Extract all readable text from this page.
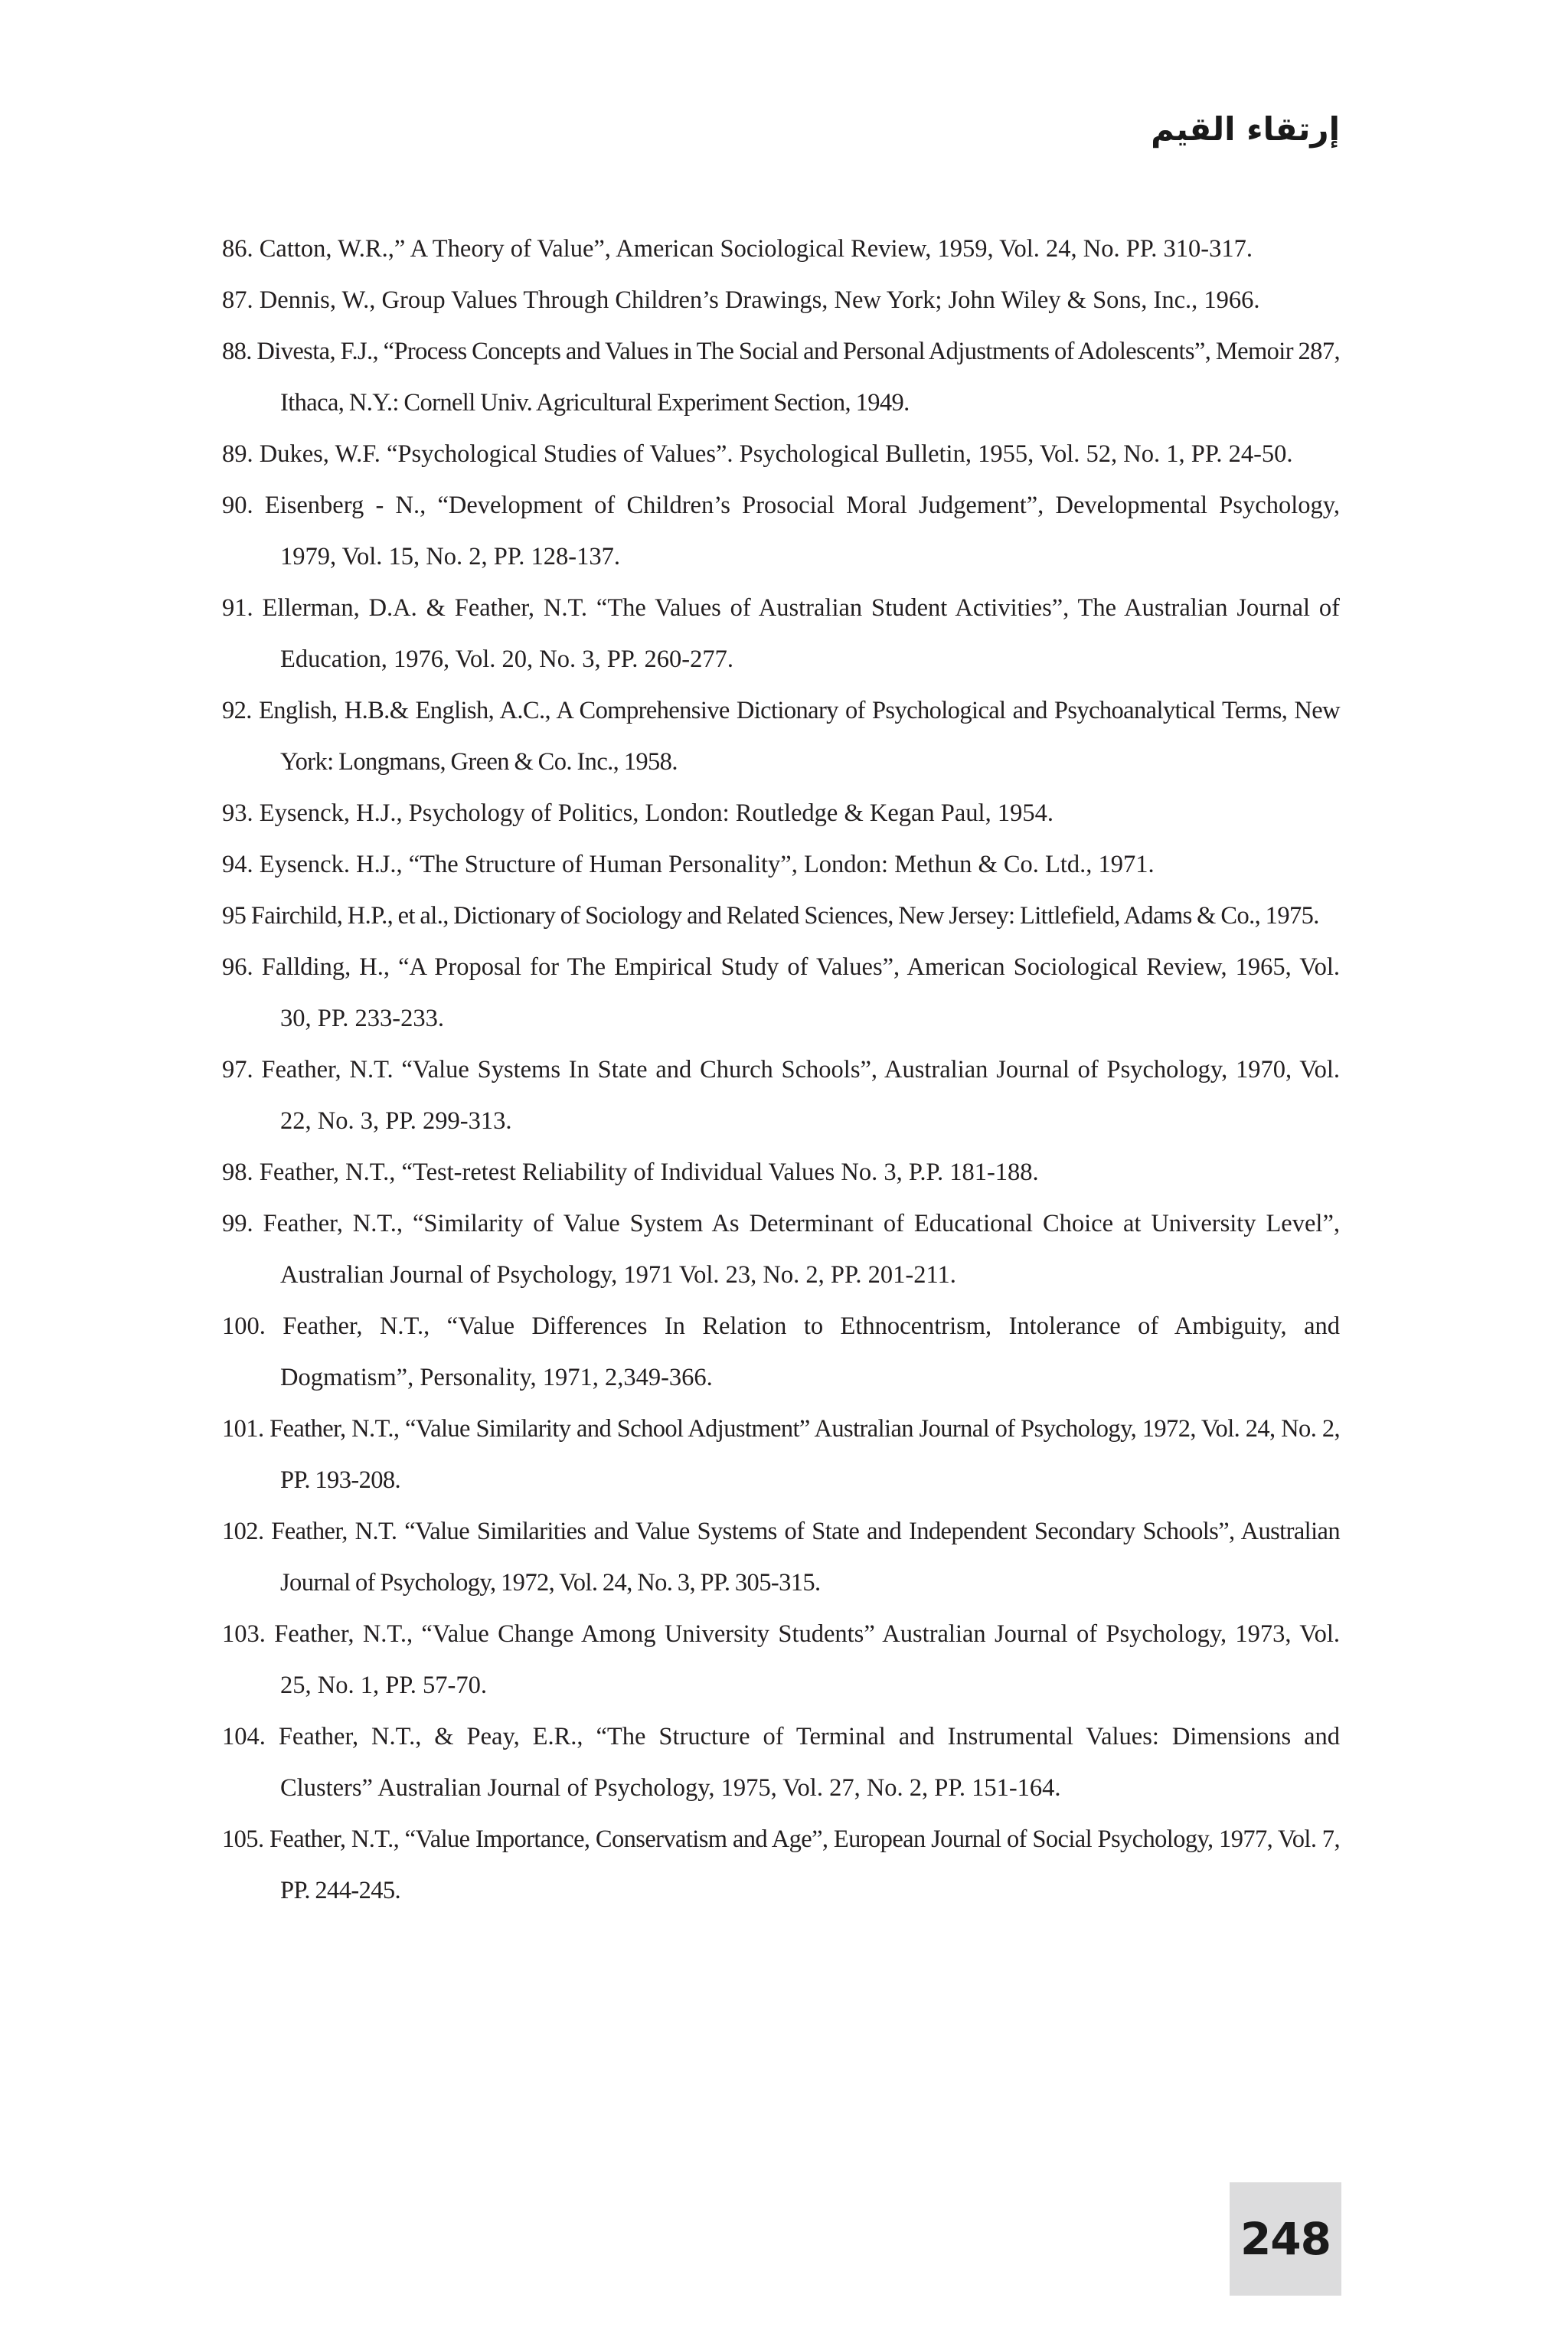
إرتقاء القيم
86. Catton, W.R.,” A Theory of Value”, American Sociological Review, 1959, Vol. 24, No. PP. 310-317.
87. Dennis, W., Group Values Through Children’s Drawings, New York; John Wiley & Sons, Inc., 1966.
88. Divesta, F.J., “Process Concepts and Values in The Social and Personal Adjustments of Adolescents”, Memoir 287, Ithaca, N.Y.: Cornell Univ. Agricultural Experiment Section, 1949.
89. Dukes, W.F. “Psychological Studies of Values”. Psychological Bulletin, 1955, Vol. 52, No. 1, PP. 24-50.
90. Eisenberg - N., “Development of Children’s Prosocial Moral Judgement”, Developmental Psychology, 1979, Vol. 15, No. 2, PP. 128-137.
91. Ellerman, D.A. & Feather, N.T. “The Values of Australian Student Activities”, The Australian Journal of Education, 1976, Vol. 20, No. 3, PP. 260-277.
92. English, H.B.& English, A.C., A Comprehensive Dictionary of Psychological and Psychoanalytical Terms, New York: Longmans, Green & Co. Inc., 1958.
93. Eysenck, H.J., Psychology of Politics, London: Routledge & Kegan Paul, 1954.
94. Eysenck. H.J., “The Structure of Human Personality”, London: Methun & Co. Ltd., 1971.
95 Fairchild, H.P., et al., Dictionary of Sociology and Related Sciences, New Jersey: Littlefield, Adams & Co., 1975.
96. Fallding, H., “A Proposal for The Empirical Study of Values”, American Sociological Review, 1965, Vol. 30, PP. 233-233.
97. Feather, N.T. “Value Systems In State and Church Schools”, Australian Journal of Psychology, 1970, Vol. 22, No. 3, PP. 299-313.
98. Feather, N.T., “Test-retest Reliability of Individual Values No. 3, P.P. 181-188.
99. Feather, N.T., “Similarity of Value System As Determinant of Educational Choice at University Level”, Australian Journal of Psychology, 1971 Vol. 23, No. 2, PP. 201-211.
100. Feather, N.T., “Value Differences In Relation to Ethnocentrism, Intolerance of Ambiguity, and Dogmatism”, Personality, 1971, 2,349-366.
101. Feather, N.T., “Value Similarity and School Adjustment” Australian Journal of Psychology, 1972, Vol. 24, No. 2, PP. 193-208.
102. Feather, N.T. “Value Similarities and Value Systems of State and Independent Secondary Schools”, Australian Journal of Psychology, 1972, Vol. 24, No. 3, PP. 305-315.
103. Feather, N.T., “Value Change Among University Students” Australian Journal of Psychology, 1973, Vol. 25, No. 1, PP. 57-70.
104. Feather, N.T., & Peay, E.R., “The Structure of Terminal and Instrumental Values: Dimensions and Clusters” Australian Journal of Psychology, 1975, Vol. 27, No. 2, PP. 151-164.
105. Feather, N.T., “Value Importance, Conservatism and Age”, European Journal of Social Psychology, 1977, Vol. 7, PP. 244-245.
248
